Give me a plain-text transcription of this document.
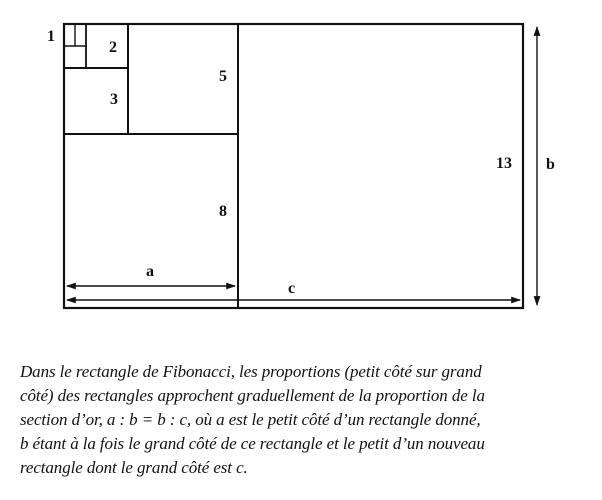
1
2
3
5
8
13
a
b
c
Dans le rectangle de Fibonacci, les proportions (petit côté sur grand
côté) des rectangles approchent graduellement de la proportion de la
section d’or, a : b = b : c, où a est le petit côté d’un rectangle donné,
b étant à la fois le grand côté de ce rectangle et le petit d’un nouveau
rectangle dont le grand côté est c.
